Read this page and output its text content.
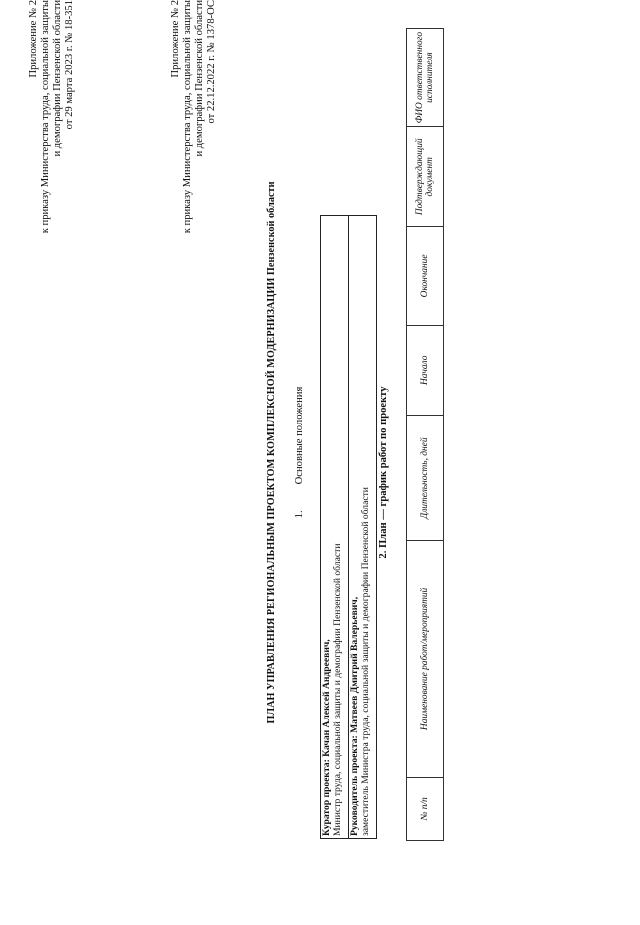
Приложение № 2 к приказу Министерства труда, социальной защиты и демографии Пензенской области от 29 марта 2023 г. № 18-351	Приложение № 2 к приказу Министерства труда, социальной защиты и демографии Пензенской области от 22.12.2022 г. № 1378-ОС
ПЛАН УПРАВЛЕНИЯ РЕГИОНАЛЬНЫМ ПРОЕКТОМ КОМПЛЕКСНОЙ МОДЕРНИЗАЦИИ Пензенской области 1.Основные положения
Куратор проекта: Качан Алексей Андреевич, Министр труда, социальной защиты и демографии Пензенской области

Руководитель проекта: Матвеев Дмитрий Валерьевич, заместитель Министра труда, социальной защиты и демографии Пензенской области
2. План — график работ по проекту
№ п/п	Наименование работ/мероприятий	Длительность, дней	Начало	Окончание	Подтверждающий документ	ФИО ответственного исполнителя
